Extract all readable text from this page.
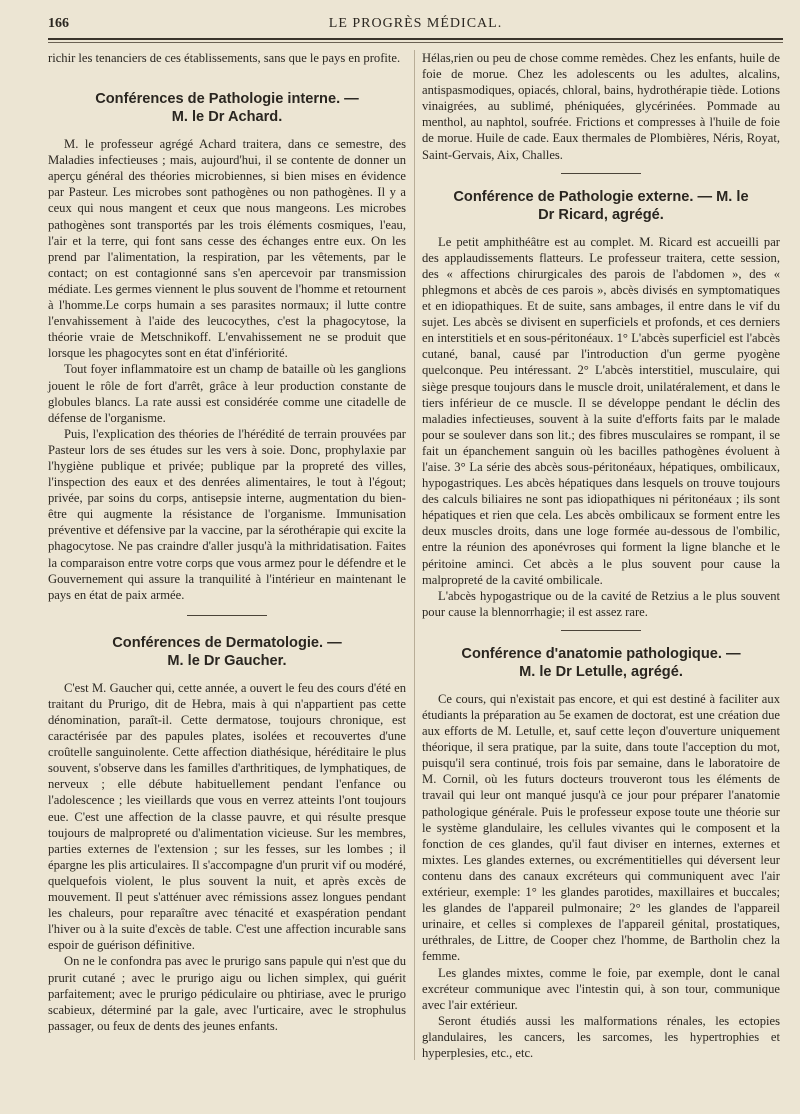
166	LE PROGRÈS MÉDICAL.

richir les tenanciers de ces établissements, sans que le pays en profite.

Conférences de Pathologie interne. —
M. le Dr Achard.

M. le professeur agrégé Achard traitera, dans ce semestre, des Maladies infectieuses ; mais, aujourd'hui, il se contente de donner un aperçu général des théories microbiennes, si bien mises en évidence par Pasteur. Les microbes sont pathogènes ou non pathogènes. Il y a ceux qui nous mangent et ceux que nous mangeons. Les microbes pathogènes sont transportés par les trois éléments cosmiques, l'eau, l'air et la terre, qui font sans cesse des échanges entre eux. On les prend par l'alimentation, la respiration, par les vêtements, par le contact; on est contagionné sans s'en apercevoir par transmission médiate. Les germes viennent le plus souvent de l'homme et retournent à l'homme.Le corps humain a ses parasites normaux; il lutte contre l'envahissement à l'aide des leucocythes, c'est la phagocytose, la théorie vraie de Metschnikoff. L'envahissement ne se produit que lorsque les phagocytes sont en état d'infériorité.

Tout foyer inflammatoire est un champ de bataille où les ganglions jouent le rôle de fort d'arrêt, grâce à leur production constante de globules blancs. La rate aussi est considérée comme une citadelle de défense de l'organisme.

Puis, l'explication des théories de l'hérédité de terrain prouvées par Pasteur lors de ses études sur les vers à soie. Donc, prophylaxie par l'hygiène publique et privée; publique par la propreté des villes, l'inspection des eaux et des denrées alimentaires, le tout à l'égout; privée, par soins du corps, antisepsie interne, augmentation du bien-être qui augmente la résistance de l'organisme. Immunisation préventive et défensive par la vaccine, par la sérothérapie qui excite la phagocytose. Ne pas craindre d'aller jusqu'à la mithridatisation. Faites la comparaison entre votre corps que vous armez pour le défendre et le Gouvernement qui assure la tranquilité à l'intérieur en maintenant le pays en état de paix armée.

Conférences de Dermatologie. —
M. le Dr Gaucher.

C'est M. Gaucher qui, cette année, a ouvert le feu des cours d'été en traitant du Prurigo, dit de Hebra, mais à qui n'appartient pas cette dénomination, paraît-il. Cette dermatose, toujours chronique, est caractérisée par des papules plates, isolées et recouvertes d'une croûtelle sanguinolente. Cette affection diathésique, héréditaire le plus souvent, s'observe dans les familles d'arthritiques, de lymphatiques, de nerveux ; elle débute habituellement pendant l'enfance ou l'adolescence ; les vieillards que vous en verrez atteints l'ont toujours eue. C'est une affection de la classe pauvre, et qui résulte presque toujours de malpropreté ou d'alimentation vicieuse. Sur les membres, parties externes de l'extension ; sur les fesses, sur les lombes ; il épargne les plis articulaires. Il s'accompagne d'un prurit vif ou modéré, quelquefois violent, le plus souvent la nuit, et après excès de mouvement. Il peut s'atténuer avec rémissions assez longues pendant les chaleurs, pour reparaître avec ténacité et exaspération pendant l'hiver ou à la suite d'excès de table. C'est une affection incurable sans espoir de guérison définitive.

On ne le confondra pas avec le prurigo sans papule qui n'est que du prurit cutané ; avec le prurigo aigu ou lichen simplex, qui guérit parfaitement; avec le prurigo pédiculaire ou phtiriase, avec le prurigo scabieux, déterminé par la gale, avec l'urticaire, avec le strophulus passager, ou feux de dents des jeunes enfants.

Hélas,rien ou peu de chose comme remèdes. Chez les enfants, huile de foie de morue. Chez les adolescents ou les adultes, alcalins, antispasmodiques, opiacés, chloral, bains, hydrothérapie tiède. Lotions vinaigrées, au sublimé, phéniquées, glycérinées. Pommade au menthol, au naphtol, soufrée. Frictions et compresses à l'huile de foie de morue. Huile de cade. Eaux thermales de Plombières, Néris, Royat, Saint-Gervais, Aix, Challes.

Conférence de Pathologie externe. — M. le
Dr Ricard, agrégé.

Le petit amphithéâtre est au complet. M. Ricard est accueilli par des applaudissements flatteurs. Le professeur traitera, cette session, des « affections chirurgicales des parois de l'abdomen », des « phlegmons et abcès de ces parois », abcès divisés en symptomatiques et en idiopathiques. Et de suite, sans ambages, il entre dans le vif du sujet. Les abcès se divisent en superficiels et profonds, et ces derniers en interstitiels et en sous-péritonéaux. 1° L'abcès superficiel est l'abcès cutané, banal, causé par l'introduction d'un germe pyogène quelconque. Peu intéressant. 2° L'abcès interstitiel, musculaire, qui siège presque toujours dans le muscle droit, unilatéralement, et dans le tiers inférieur de ce muscle. Il se développe pendant le déclin des maladies infectieuses, souvent à la suite d'efforts faits par le malade pour se soulever dans son lit.; des fibres musculaires se rompant, il se fait un épanchement sanguin où les bacilles pathogènes évoluent à l'aise. 3° La série des abcès sous-péritonéaux, hépatiques, ombilicaux, hypogastriques. Les abcès hépatiques dans lesquels on trouve toujours des calculs biliaires ne sont pas idiopathiques ni péritonéaux ; ils sont hépatiques et rien que cela. Les abcès ombilicaux se forment entre les deux muscles droits, dans une loge formée au-dessous de l'ombilic, entre la réunion des aponévroses qui forment la ligne blanche et le péritoine aminci. Cet abcès a le plus souvent pour cause la malpropreté de la cavité ombilicale.

L'abcès hypogastrique ou de la cavité de Retzius a le plus souvent pour cause la blennorrhagie; il est assez rare.

Conférence d'anatomie pathologique. —
M. le Dr Letulle, agrégé.

Ce cours, qui n'existait pas encore, et qui est destiné à faciliter aux étudiants la préparation au 5e examen de doctorat, est une création due aux efforts de M. Letulle, et, sauf cette leçon d'ouverture uniquement théorique, il sera pratique, par la suite, dans toute l'acception du mot, puisqu'il sera continué, trois fois par semaine, dans le laboratoire de M. Cornil, où les futurs docteurs trouveront tous les éléments de travail qui leur ont manqué jusqu'à ce jour pour préparer l'anatomie pathologique générale. Puis le professeur expose toute une théorie sur le système glandulaire, les cellules vivantes qui le composent et la fonction de ces glandes, qu'il faut diviser en internes, externes et mixtes. Les glandes externes, ou excrémentitielles qui déversent leur contenu dans des canaux excréteurs qui communiquent avec l'air extérieur, exemple: 1° les glandes parotides, maxillaires et buccales; les glandes de l'appareil pulmonaire; 2° les glandes de l'appareil urinaire, et celles si complexes de l'appareil génital, prostatiques, uréthrales, de Littre, de Cooper chez l'homme, de Bartholin chez la femme.

Les glandes mixtes, comme le foie, par exemple, dont le canal excréteur communique avec l'intestin qui, à son tour, communique avec l'air extérieur.

Seront étudiés aussi les malformations rénales, les ectopies glandulaires, les cancers, les sarcomes, les hypertrophies et hyperplesies, etc., etc.
